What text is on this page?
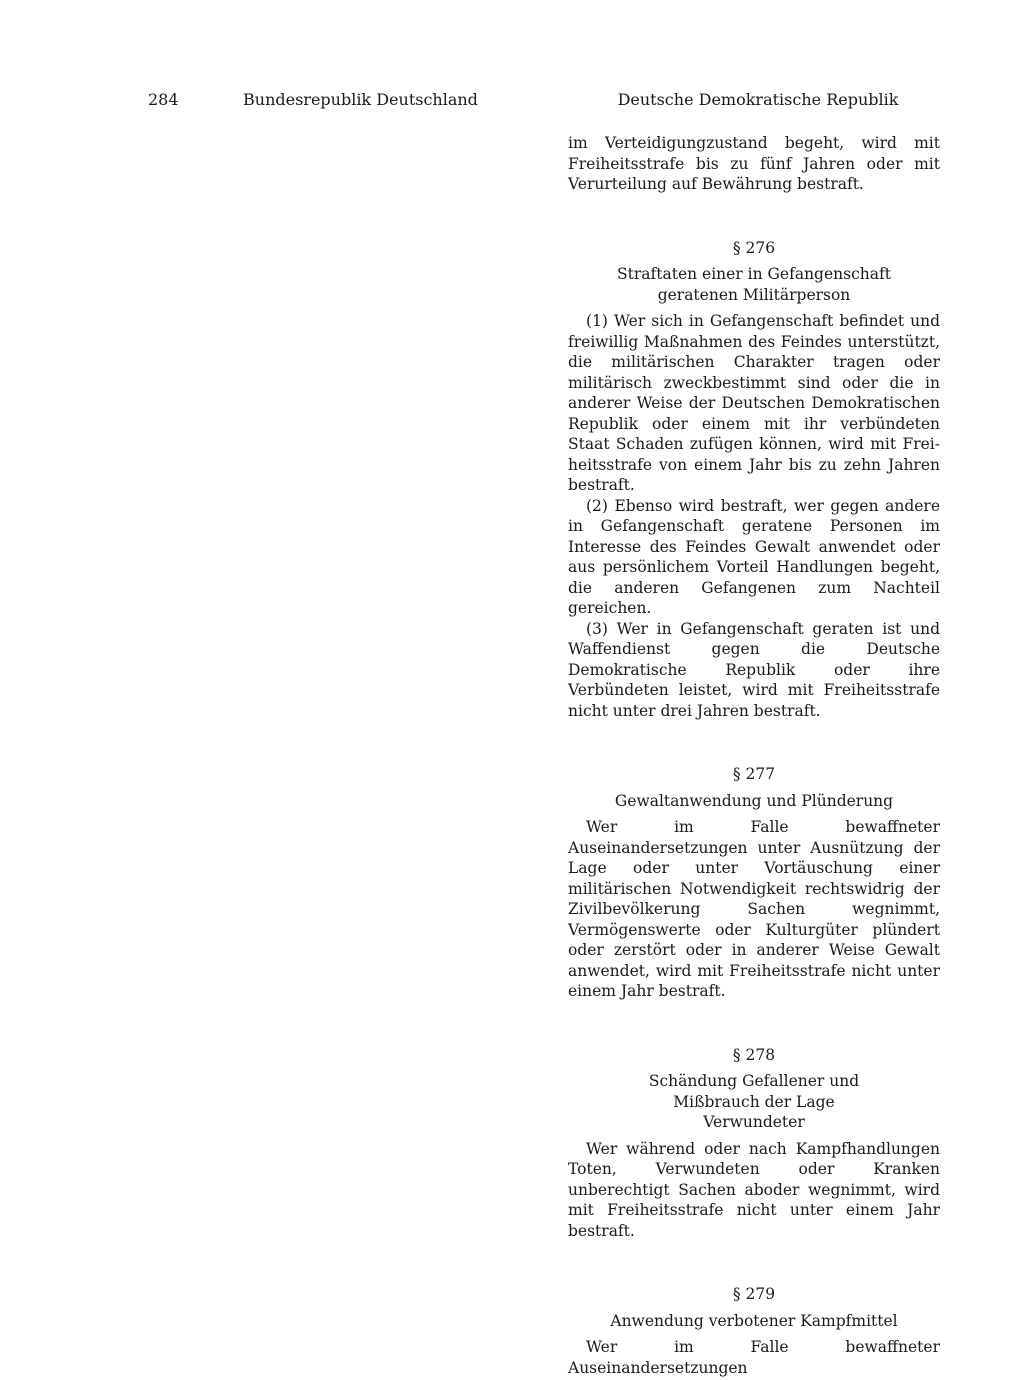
284	Bundesrepublik Deutschland	Deutsche Demokratische Republik

im Verteidigungzustand begeht, wird mit Freiheitsstrafe bis zu fünf Jahren oder mit Verurteilung auf Bewährung bestraft.

§ 276
Straftaten einer in Gefangenschaft geratenen Militärperson

(1) Wer sich in Gefangenschaft befindet und freiwillig Maßnahmen des Feindes unterstützt, die militärischen Charakter tragen oder militärisch zweckbestimmt sind oder die in anderer Weise der Deutschen Demokratischen Republik oder einem mit ihr verbündeten Staat Schaden zufügen können, wird mit Freiheitsstrafe von einem Jahr bis zu zehn Jahren bestraft.

(2) Ebenso wird bestraft, wer gegen andere in Gefangenschaft geratene Personen im Interesse des Feindes Gewalt anwendet oder aus persönlichem Vorteil Handlungen begeht, die anderen Gefangenen zum Nachteil gereichen.

(3) Wer in Gefangenschaft geraten ist und Waffendienst gegen die Deutsche Demokratische Republik oder ihre Verbündeten leistet, wird mit Freiheitsstrafe nicht unter drei Jahren bestraft.

§ 277
Gewaltanwendung und Plünderung

Wer im Falle bewaffneter Auseinandersetzungen unter Ausnützung der Lage oder unter Vortäuschung einer militärischen Notwendigkeit rechtswidrig der Zivilbevölkerung Sachen wegnimmt, Vermögenswerte oder Kulturgüter plündert oder zerstört oder in anderer Weise Gewalt anwendet, wird mit Freiheitsstrafe nicht unter einem Jahr bestraft.

§ 278
Schändung Gefallener und Mißbrauch der Lage Verwundeter

Wer während oder nach Kampfhandlungen Toten, Verwundeten oder Kranken unberechtigt Sachen aboder wegnimmt, wird mit Freiheitsstrafe nicht unter einem Jahr bestraft.

§ 279
Anwendung verbotener Kampfmittel

Wer im Falle bewaffneter Auseinandersetzungen
